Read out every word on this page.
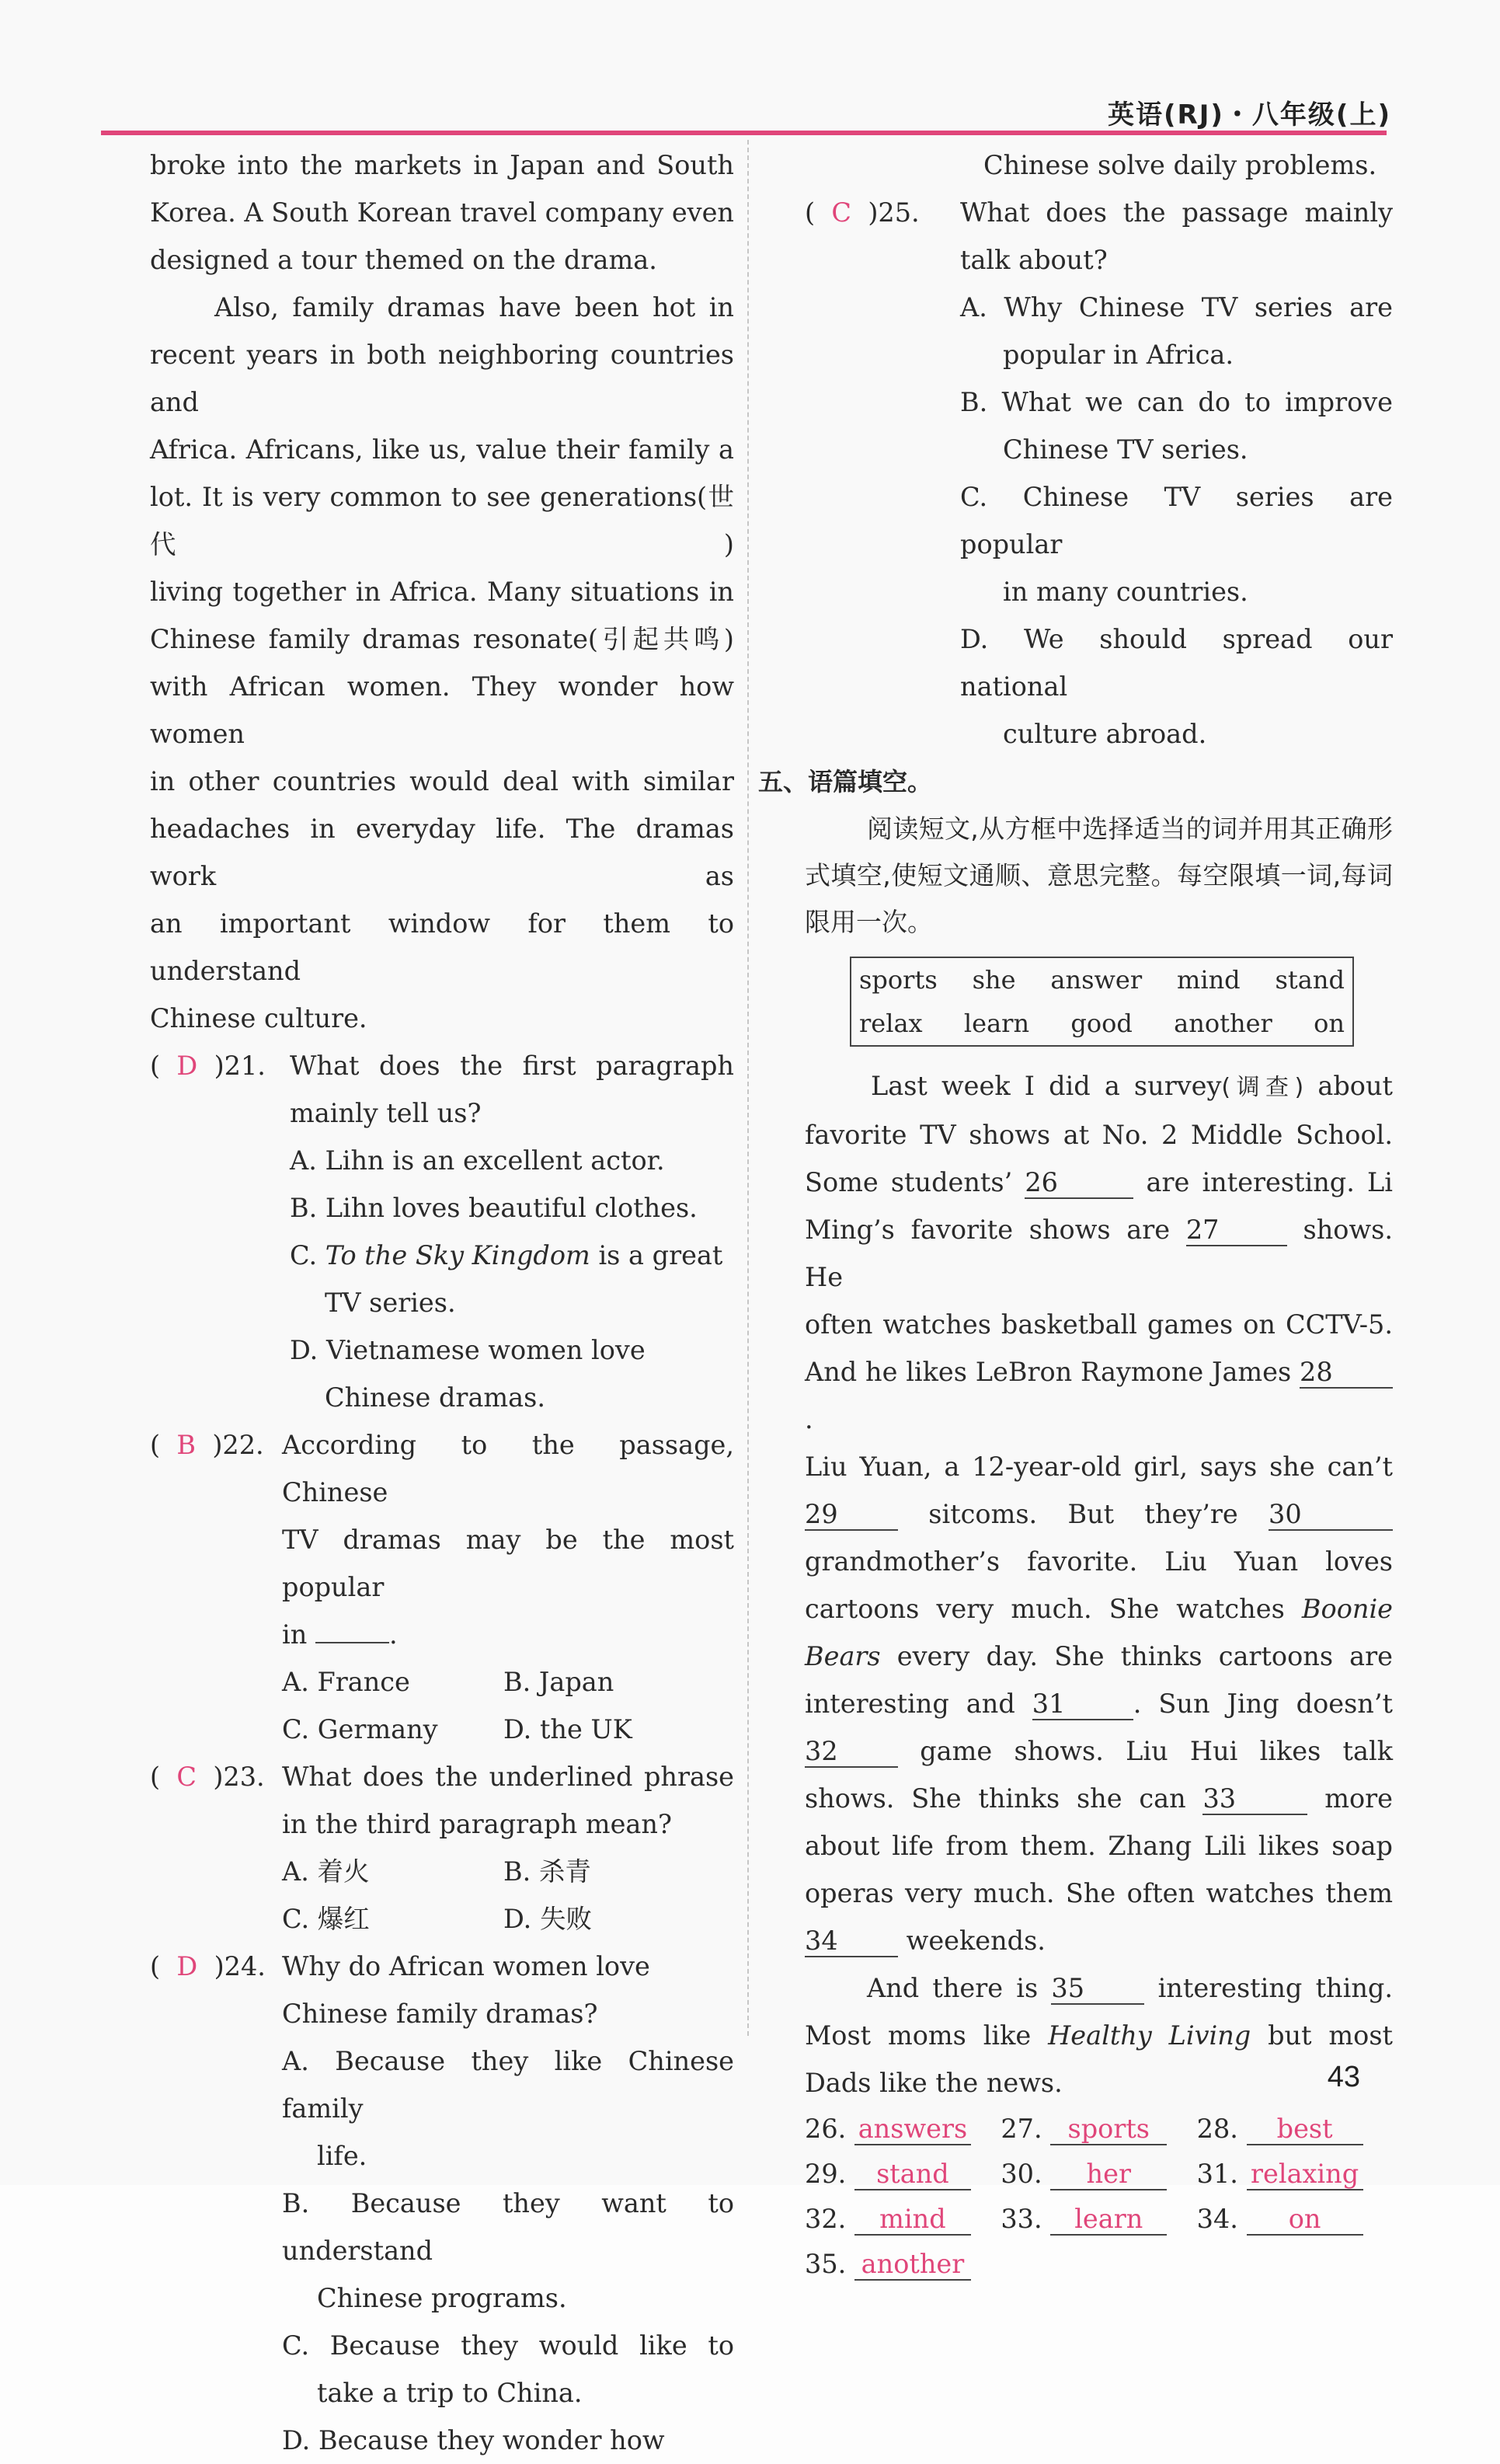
英语(RJ)・八年级(上)

broke into the markets in Japan and South

Korea. A South Korean travel company even

designed a tour themed on the drama.

Also, family dramas have been hot in

recent years in both neighboring countries and

Africa. Africans, like us, value their family a

lot. It is very common to see generations(世代)

living together in Africa. Many situations in

Chinese family dramas resonate(引起共鸣)

with African women. They wonder how women

in other countries would deal with similar

headaches in everyday life. The dramas work as

an important window for them to understand

Chinese culture.

( D )21. What does the first paragraph
mainly tell us?
A. Lihn is an excellent actor.
B. Lihn loves beautiful clothes.
C. To the Sky Kingdom is a great
TV series.
D. Vietnamese women love
Chinese dramas.
( B )22. According to the passage, Chinese
TV dramas may be the most popular
in	.
A. France	B. Japan
C. Germany	D. the UK
( C )23. What does the underlined phrase
in the third paragraph mean?
A. 着火	B. 杀青
C. 爆红	D. 失败
( D )24. Why do African women love
Chinese family dramas?
A. Because they like Chinese family
life.
B. Because they want to understand
Chinese programs.
C. Because they would like to
take a trip to China.
D. Because they wonder how
Chinese solve daily problems.
( C )25.	What does the passage mainly
talk about?
A. Why Chinese TV series are
popular in Africa.
B. What we can do to improve
Chinese TV series.
C. Chinese TV series are popular
in many countries.
D. We should spread our national
culture abroad.
五、语篇填空。
阅读短文,从方框中选择适当的词并用其正确形式填空,使短文通顺、意思完整。每空限填一词,每词限用一次。
sports she answer mind stand
relax learn good another on
Last week I did a survey(调查) about
favorite TV shows at No. 2 Middle School.
Some students’ 26	are interesting. Li
Ming’s favorite shows are 27	shows. He
often watches basketball games on CCTV-5.
And he likes LeBron Raymone James 28.
Liu Yuan, a 12-year-old girl, says she can’t
29 sitcoms. But they’re 30
grandmother’s favorite. Liu Yuan loves
cartoons very much. She watches Boonie
Bears every day. She thinks cartoons are
interesting and 31	. Sun Jing doesn’t
32 game shows. Liu Hui likes talk
shows. She thinks she can 33	more
about life from them. Zhang Lili likes soap
operas very much. She often watches them
34 weekends.
And there is 35 interesting thing.
Most moms like Healthy Living but most
Dads like the news.
26. answers	27. sports	28. best
29. stand	30. her	31. relaxing
32. mind	33. learn	34. on
35. another
43
